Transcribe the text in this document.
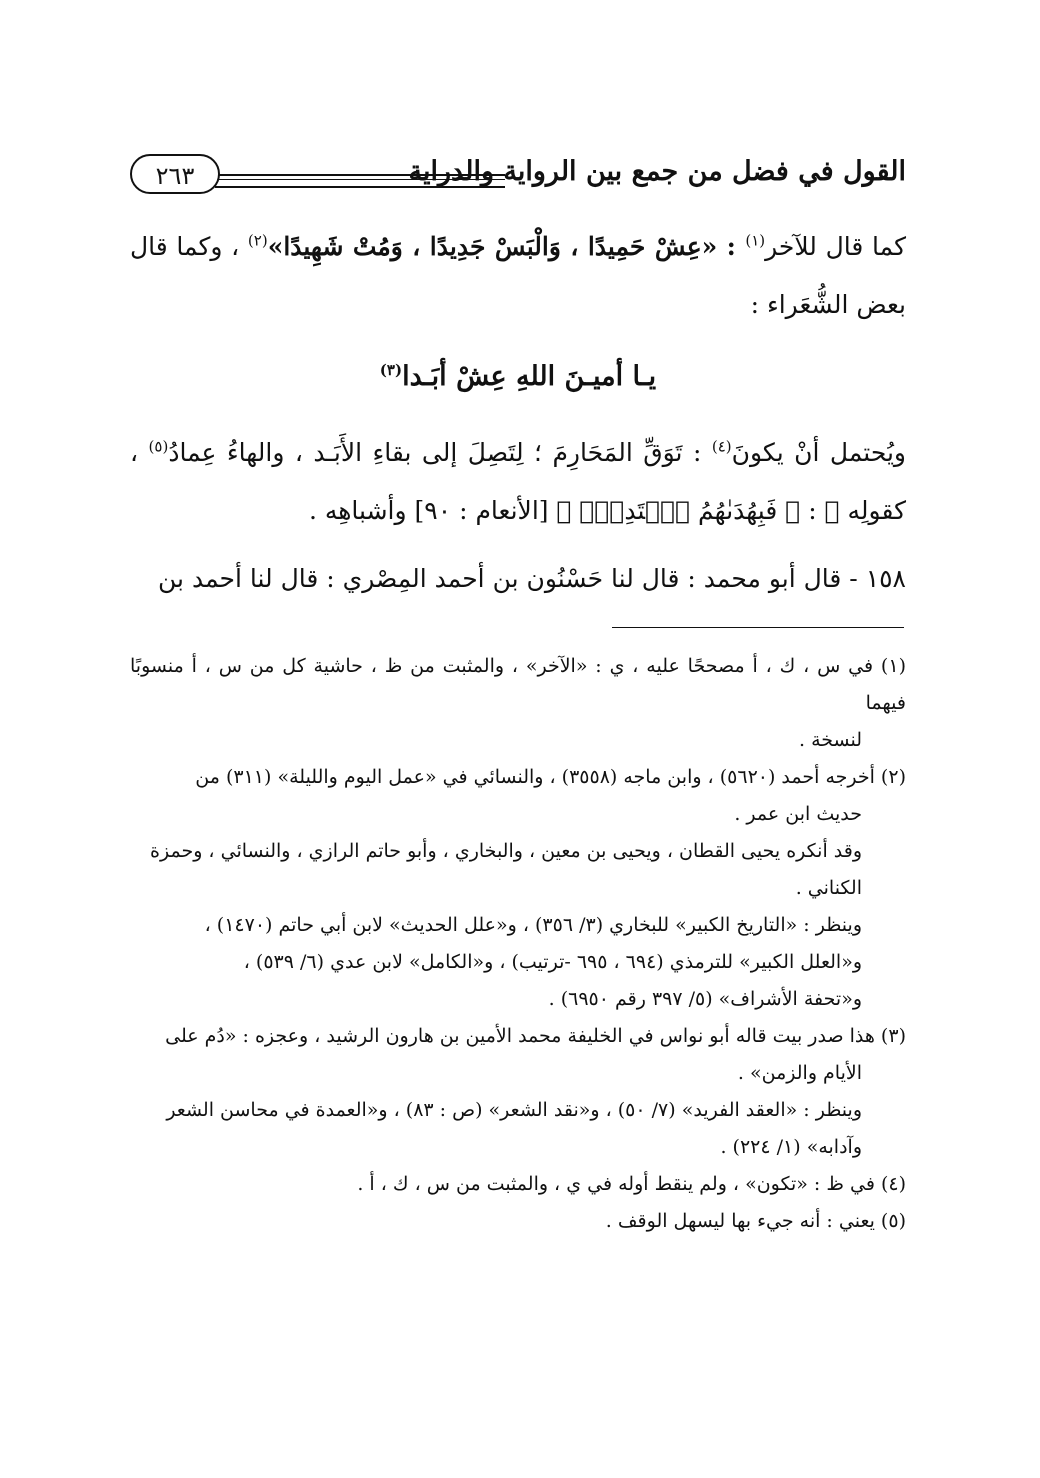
القول في فضل من جمع بين الرواية والدراية
٢٦٣

كما قال للآخر$^{(١)}$ : «عِشْ حَمِيدًا ، وَالْبَسْ جَدِيدًا ، وَمُتْ شَهِيدًا»$^{(٢)}$ ، وكما قال بعض الشُّعَراء :

يـا أميـنَ اللهِ عِشْ أبَـدا$^{(٣)}$

ويُحتمل أنْ يكونَ$^{(٤)}$ : تَوَقِّ المَحَارِمَ ؛ لِتَصِلَ إلى بقاءِ الأَبَـد ، والهاءُ عِمادُ$^{(٥)}$ ، كقولِه ﷺ : ﴿ فَبِهُدَىٰهُمُ ٱقۡتَدِهۡۗ ﴾ [الأنعام : ٩٠] وأشباهِه .

١٥٨ - قال أبو محمد : قال لنا حَسْنُون بن أحمد المِصْري : قال لنا أحمد بن

(١) في س ، ك ، أ مصححًا عليه ، ي : «الآخر» ، والمثبت من ظ ، حاشية كل من س ، أ منسوبًا فيهما

لنسخة .

(٢) أخرجه أحمد (٥٦٢٠) ، وابن ماجه (٣٥٥٨) ، والنسائي في «عمل اليوم والليلة» (٣١١) من

حديث ابن عمر .

وقد أنكره يحيى القطان ، ويحيى بن معين ، والبخاري ، وأبو حاتم الرازي ، والنسائي ، وحمزة

الكناني .

وينظر : «التاريخ الكبير» للبخاري (٣/ ٣٥٦) ، و«علل الحديث» لابن أبي حاتم (١٤٧٠) ،

و«العلل الكبير» للترمذي (٦٩٤ ، ٦٩٥ -ترتيب) ، و«الكامل» لابن عدي (٦/ ٥٣٩) ،

و«تحفة الأشراف» (٥/ ٣٩٧ رقم ٦٩٥٠) .

(٣) هذا صدر بيت قاله أبو نواس في الخليفة محمد الأمين بن هارون الرشيد ، وعجزه : «دُم على

الأيام والزمن» .

وينظر : «العقد الفريد» (٧/ ٥٠) ، و«نقد الشعر» (ص : ٨٣) ، و«العمدة في محاسن الشعر

وآدابه» (١/ ٢٢٤) .

(٤) في ظ : «تكون» ، ولم ينقط أوله في ي ، والمثبت من س ، ك ، أ .

(٥) يعني : أنه جيء بها ليسهل الوقف .
